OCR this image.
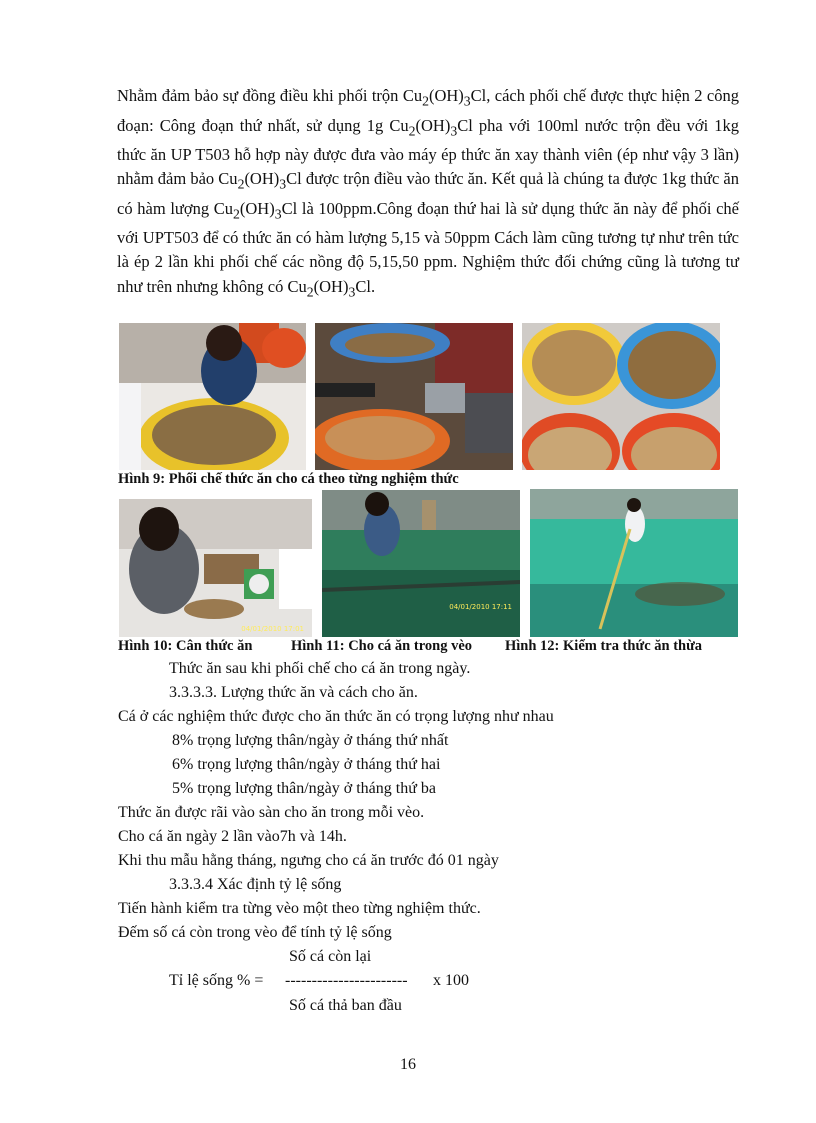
Nhằm đảm bảo sự đồng điều khi phối trộn $Cu_2(OH)_3Cl$, cách phối chế được thực hiện 2 công đoạn: Công đoạn thứ nhất, sử dụng 1g $Cu_2(OH)_3Cl$ pha với 100ml nước trộn đều với 1kg thức ăn UP T503 hỗ hợp này được đưa vào máy ép thức ăn xay thành viên (ép như vậy 3 lần) nhằm đảm bảo $Cu_2(OH)_3Cl$ được trộn điều vào thức ăn. Kết quả là chúng ta được 1kg thức ăn có hàm lượng $Cu_2(OH)_3Cl$ là 100ppm.Công đoạn thứ hai là sử dụng thức ăn này để phối chế với UPT503 để có thức ăn có hàm lượng 5,15 và 50ppm Cách làm cũng tương tự như trên tức là ép 2 lần khi phối chế các nồng độ 5,15,50 ppm. Nghiệm thức đối chứng cũng là tương tư như trên nhưng không có $Cu_2(OH)_3Cl$.

Hình 9: Phối chế thức ăn cho cá theo từng nghiệm thức
04/01/2010 17:01
04/01/2010 17:11
Hình 10: Cân thức ăn	Hình 11: Cho cá ăn trong vèo Hình 12: Kiểm tra thức ăn thừa
Thức ăn sau khi phối chế cho cá ăn trong ngày.
3.3.3.3. Lượng thức ăn và cách cho ăn.
Cá ở các nghiệm thức được cho ăn thức ăn có trọng lượng như nhau
8% trọng lượng thân/ngày ở tháng thứ nhất
6% trọng lượng thân/ngày ở tháng thứ hai
5% trọng lượng thân/ngày ở tháng thứ ba
Thức ăn được rãi vào sàn cho ăn trong mỗi vèo.
Cho cá ăn ngày 2 lần vào7h và 14h.
Khi thu mẫu hằng tháng, ngưng cho cá ăn trước đó 01 ngày
3.3.3.4 Xác định tỷ lệ sống
Tiến hành kiểm tra từng vèo một theo từng nghiệm thức.
Đếm số cá còn trong vèo để tính tỷ lệ sống
Số cá còn lại
Tỉ lệ sống % = ----------------------- x 100
Số cá thả ban đầu
16
